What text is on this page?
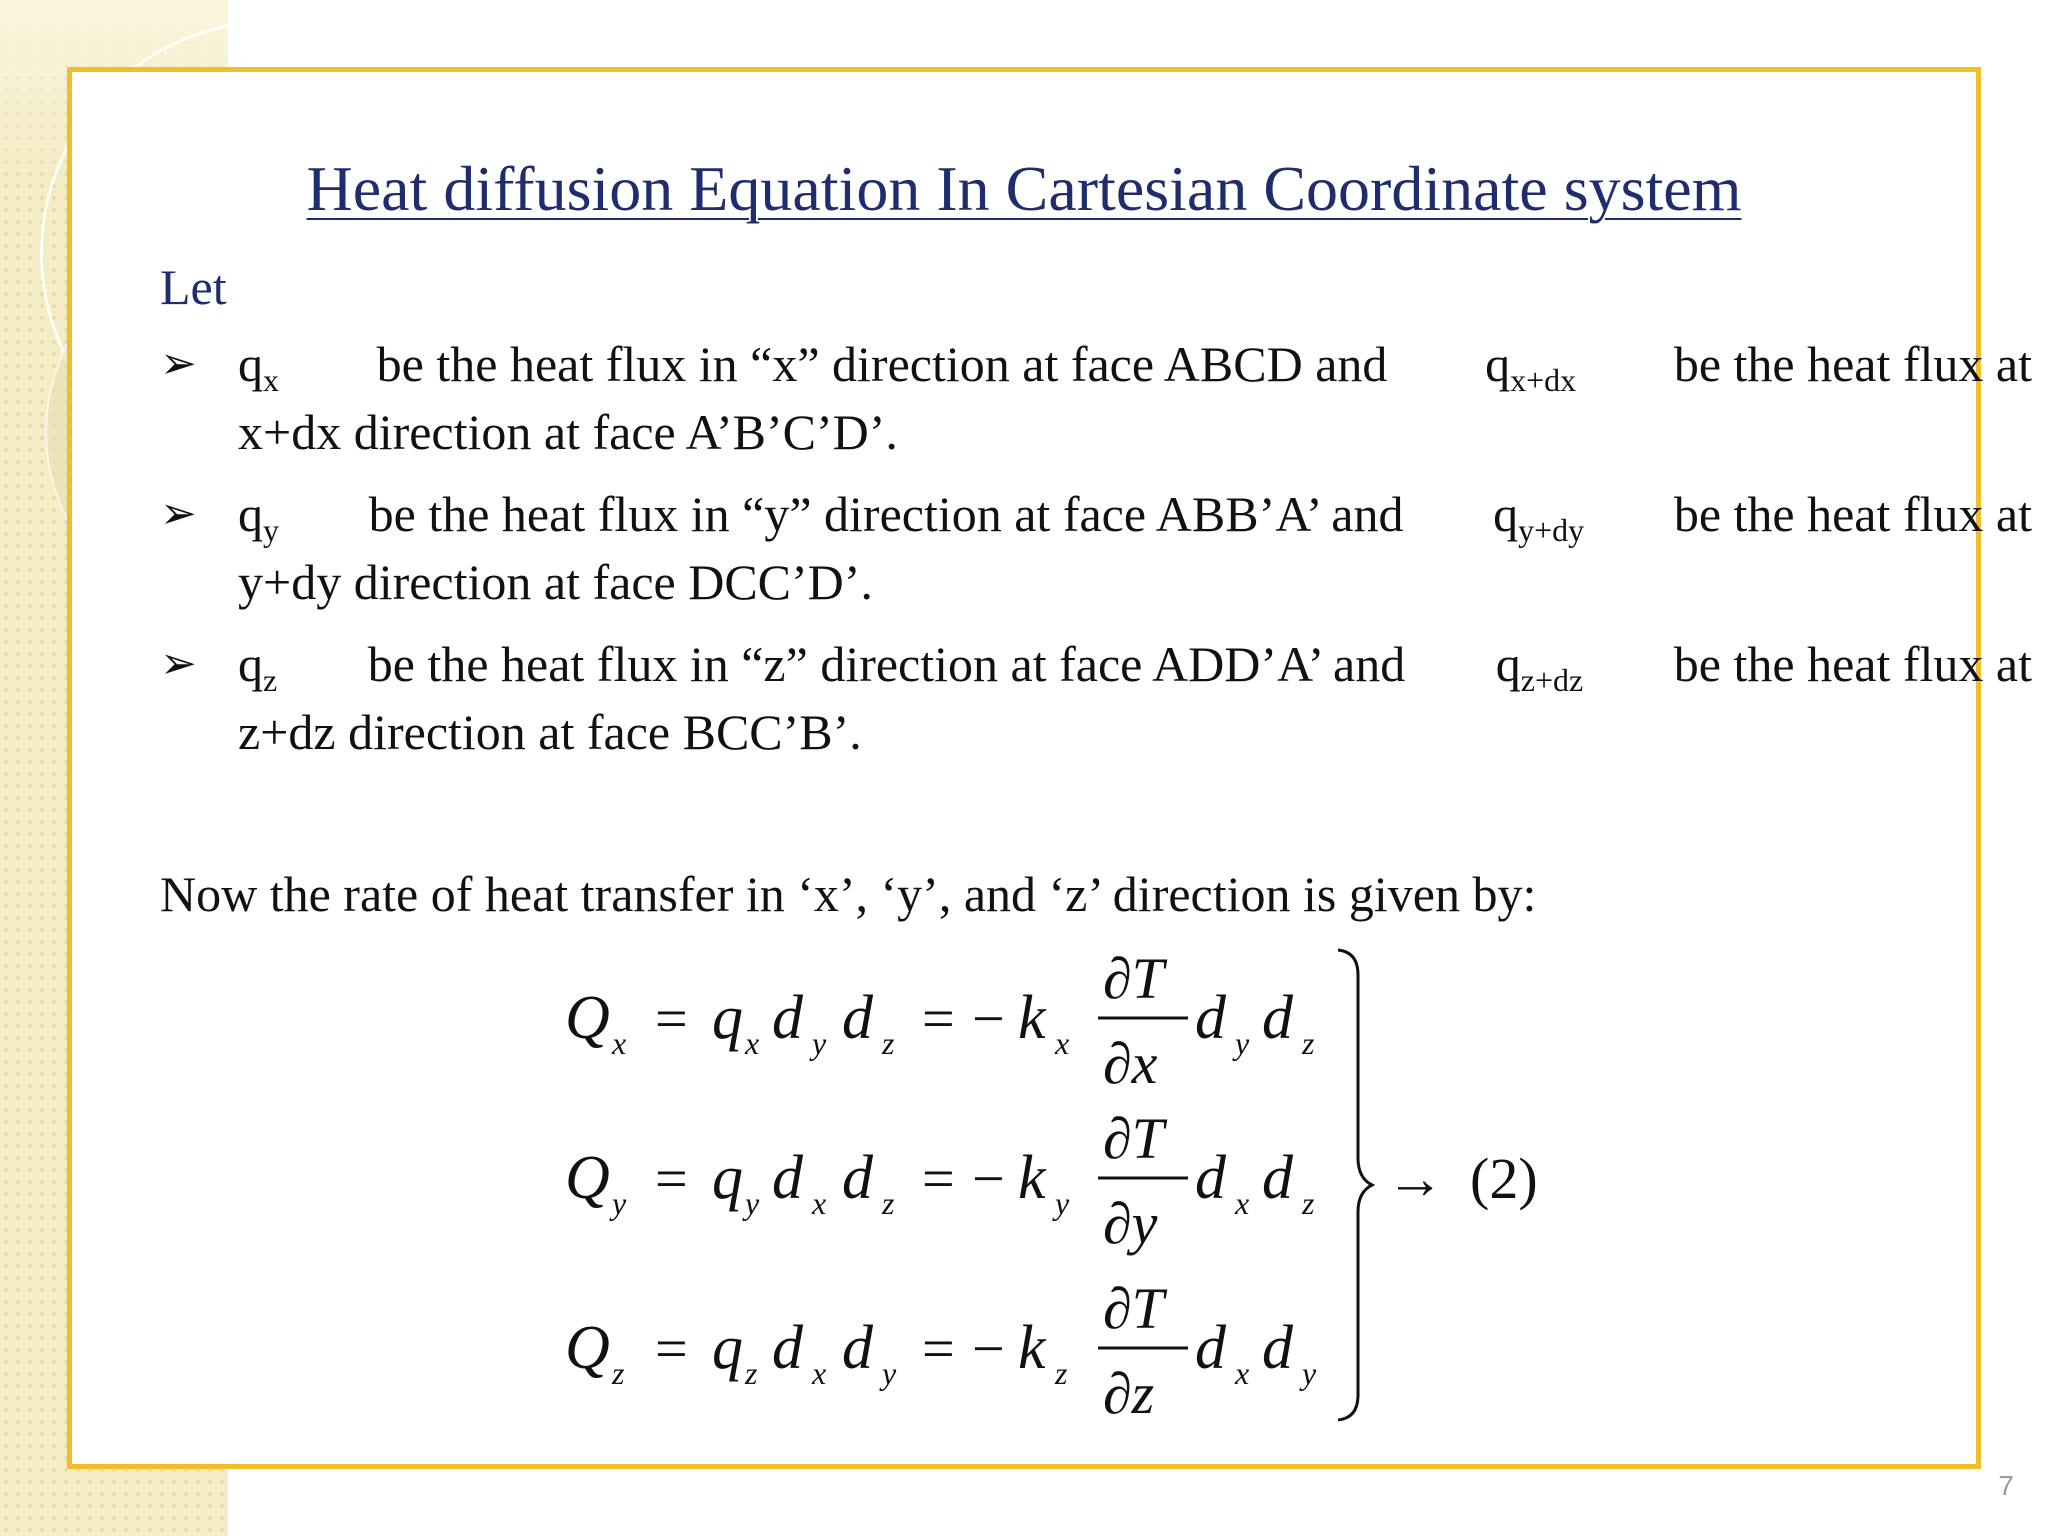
Heat diffusion Equation In Cartesian Coordinate system
Let
➢ $q_x$ be the heat flux in “x” direction at face ABCD and $q_{x+dx}$ be the heat flux at
x+dx direction at face A’B’C’D’.
➢ $q_y$ be the heat flux in “y” direction at face ABB’A’ and $q_{y+dy}$ be the heat flux at
y+dy direction at face DCC’D’.
➢ $q_z$ be the heat flux in “z” direction at face ADD’A’ and $q_{z+dz}$ be the heat flux at
z+dz direction at face BCC’B’.
Now the rate of heat transfer in ‘x’, ‘y’, and ‘z’ direction is given by:
Q x = q x d y d z = − k x
∂T
∂x
d y d z
Q y = q y d x d z = − k y
∂T
∂y
d x d z
Q z = q z d x d y = − k z
∂T
∂z
d x d y
→ (2)
7
